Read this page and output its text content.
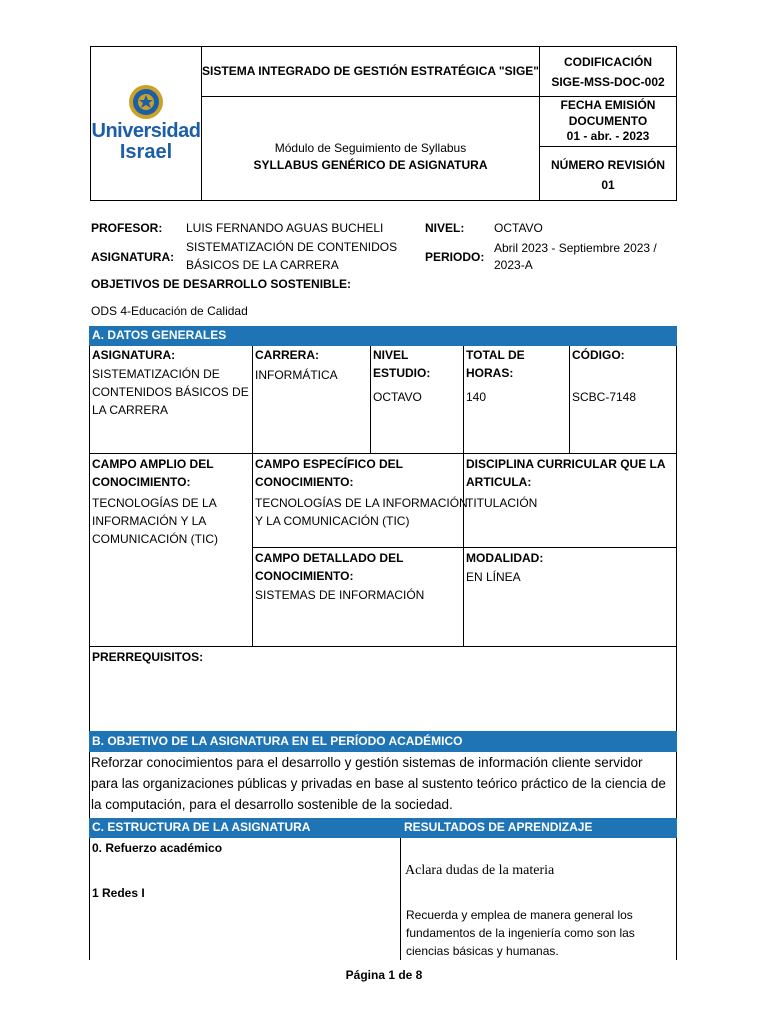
Universidad
Israel
SISTEMA INTEGRADO DE GESTIÓN ESTRATÉGICA "SIGE"
Módulo de Seguimiento de Syllabus
SYLLABUS GENÉRICO DE ASIGNATURA
CODIFICACIÓN
SIGE-MSS-DOC-002
FECHA EMISIÓN
DOCUMENTO
01 - abr. - 2023
NÚMERO REVISIÓN
01
PROFESOR: LUIS FERNANDO AGUAS BUCHELI	NIVEL: OCTAVO
ASIGNATURA:
SISTEMATIZACIÓN DE CONTENIDOS
BÁSICOS DE LA CARRERA
PERIODO:
Abril 2023 - Septiembre 2023 /
2023-A
OBJETIVOS DE DESARROLLO SOSTENIBLE:
ODS 4-Educación de Calidad
A. DATOS GENERALES
ASIGNATURA:
SISTEMATIZACIÓN DE
CONTENIDOS BÁSICOS DE
LA CARRERA
CARRERA:
INFORMÁTICA
NIVEL
ESTUDIO:
OCTAVO
TOTAL DE
HORAS:
140
CÓDIGO:
SCBC-7148
CAMPO AMPLIO DEL
CONOCIMIENTO:
TECNOLOGÍAS DE LA
INFORMACIÓN Y LA
COMUNICACIÓN (TIC)
CAMPO ESPECÍFICO DEL
CONOCIMIENTO:
TECNOLOGÍAS DE LA INFORMACIÓN
Y LA COMUNICACIÓN (TIC)
DISCIPLINA CURRICULAR QUE LA
ARTICULA:
TITULACIÓN
CAMPO DETALLADO DEL
CONOCIMIENTO:
SISTEMAS DE INFORMACIÓN
MODALIDAD:
EN LÍNEA
PRERREQUISITOS:
B. OBJETIVO DE LA ASIGNATURA EN EL PERÍODO ACADÉMICO
Reforzar conocimientos para el desarrollo y gestión sistemas de información cliente servidor
para las organizaciones públicas y privadas en base al sustento teórico práctico de la ciencia de
la computación, para el desarrollo sostenible de la sociedad.
C. ESTRUCTURA DE LA ASIGNATURA	RESULTADOS DE APRENDIZAJE
0. Refuerzo académico
1 Redes I
Aclara dudas de la materia
Recuerda y emplea de manera general los
fundamentos de la ingeniería como son las
ciencias básicas y humanas.
Página 1 de 8
